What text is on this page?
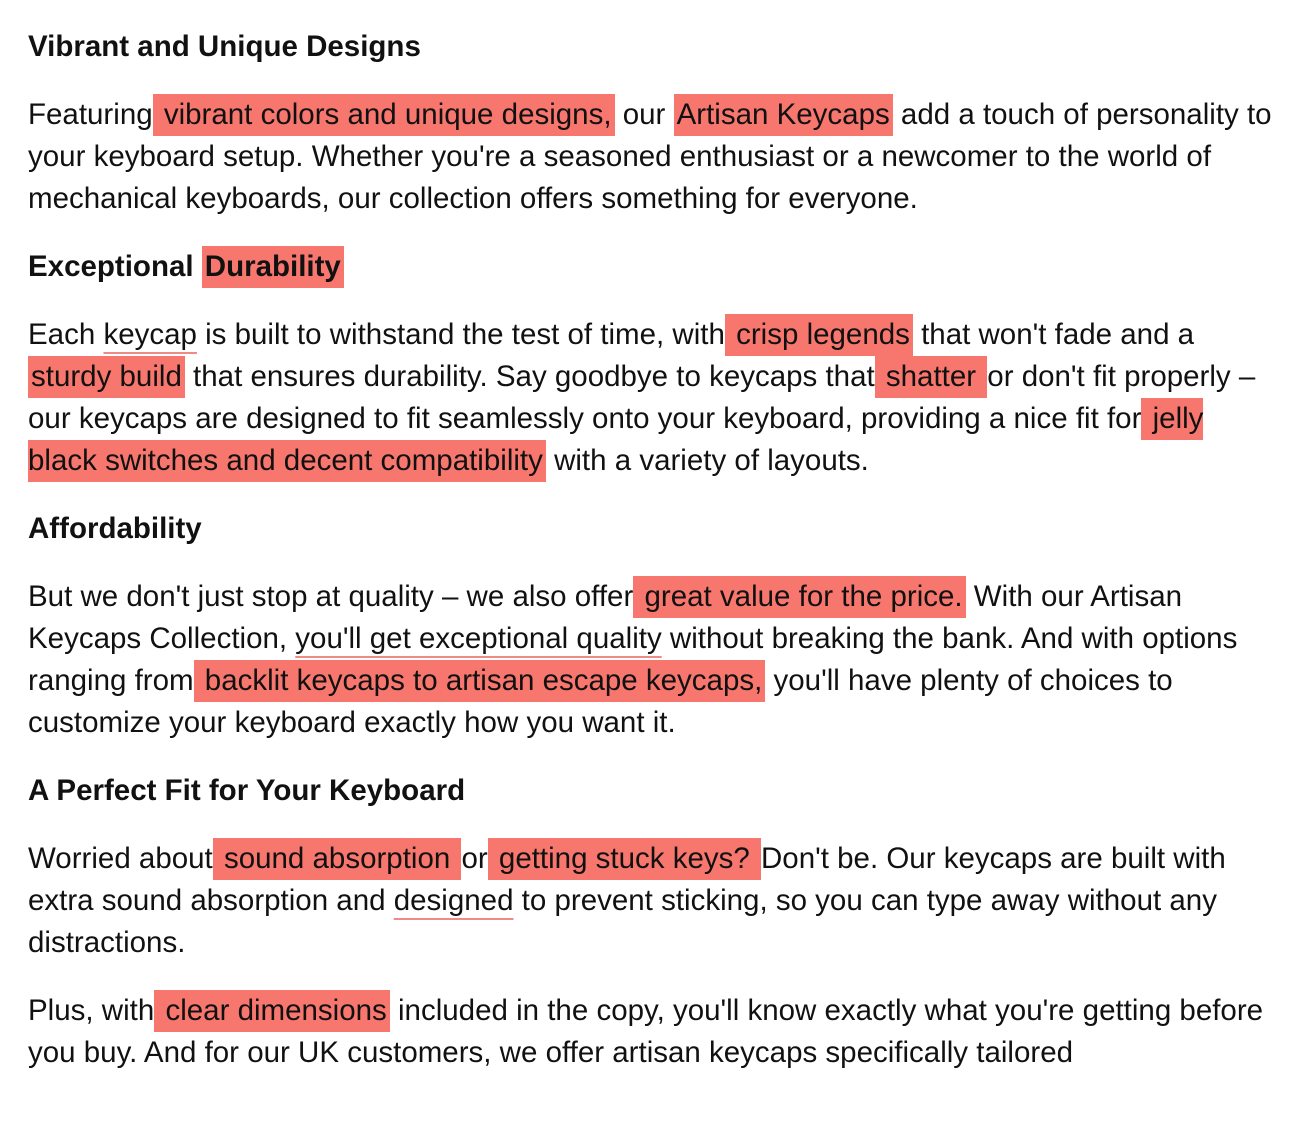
Vibrant and Unique Designs

Featuring vibrant colors and unique designs, our Artisan Keycaps add a touch of personality to your keyboard setup. Whether you're a seasoned enthusiast or a newcomer to the world of mechanical keyboards, our collection offers something for everyone.

Exceptional Durability

Each keycap is built to withstand the test of time, with crisp legends that won't fade and a sturdy build that ensures durability. Say goodbye to keycaps that shatter or don't fit properly – our keycaps are designed to fit seamlessly onto your keyboard, providing a nice fit for jelly black switches and decent compatibility with a variety of layouts.

Affordability

But we don't just stop at quality – we also offer great value for the price. With our Artisan Keycaps Collection, you'll get exceptional quality without breaking the bank. And with options ranging from backlit keycaps to artisan escape keycaps, you'll have plenty of choices to customize your keyboard exactly how you want it.

A Perfect Fit for Your Keyboard

Worried about sound absorption or getting stuck keys? Don't be. Our keycaps are built with extra sound absorption and designed to prevent sticking, so you can type away without any distractions.

Plus, with clear dimensions included in the copy, you'll know exactly what you're getting before you buy. And for our UK customers, we offer artisan keycaps specifically tailored
